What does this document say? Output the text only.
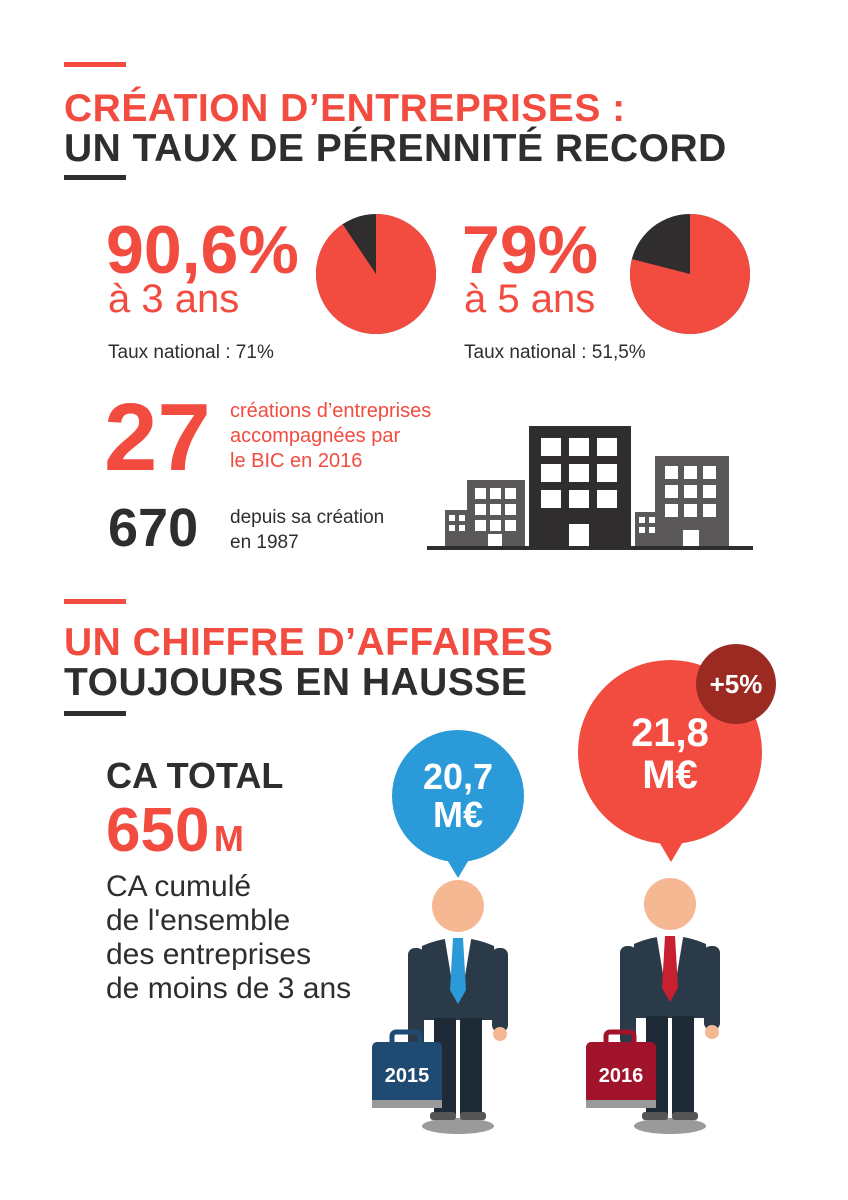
CRÉATION D’ENTREPRISES :
UN TAUX DE PÉRENNITÉ RECORD
90,6%
à 3 ans
Taux national : 71%
79%
à 5 ans
Taux national : 51,5%
27 créations d’entreprises
accompagnées par
le BIC en 2016
670 depuis sa création
en 1987
UN CHIFFRE D’AFFAIRES
TOUJOURS EN HAUSSE
CA TOTAL
650 M
CA cumulé
de l'ensemble
des entreprises
de moins de 3 ans
2015
20,7
M€
2016
21,8
M€
+5%
